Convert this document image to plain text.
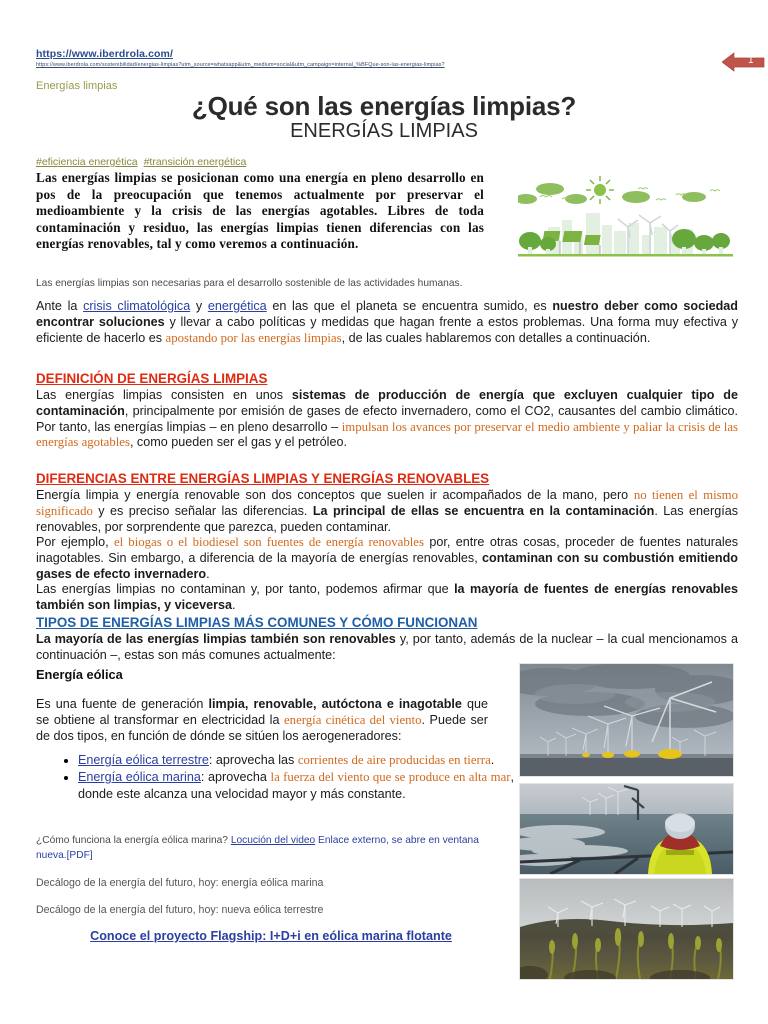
https://www.iberdrola.com/
https://www.iberdrola.com/sostenibilidad/energias-limpias?utm_source=whatsapp&utm_medium=social&utm_campaign=internal_%BFQue-son-las-energias-limpias?	1
Energías limpias
¿Qué son las energías limpias?
ENERGÍAS LIMPIAS
#eficiencia energética #transición energética
Las energías limpias se posicionan como una energía en pleno desarrollo en pos de la preocupación que tenemos actualmente por preservar el medioambiente y la crisis de las energías agotables. Libres de toda contaminación y residuo, las energías limpias tienen diferencias con las energías renovables, tal y como veremos a continuación.
Las energías limpias son necesarias para el desarrollo sostenible de las actividades humanas.
Ante la crisis climatológica y energética en las que el planeta se encuentra sumido, es nuestro deber como sociedad encontrar soluciones y llevar a cabo políticas y medidas que hagan frente a estos problemas. Una forma muy efectiva y eficiente de hacerlo es apostando por las energías limpias, de las cuales hablaremos con detalles a continuación.
DEFINICIÓN DE ENERGÍAS LIMPIAS
Las energías limpias consisten en unos sistemas de producción de energía que excluyen cualquier tipo de contaminación, principalmente por emisión de gases de efecto invernadero, como el CO2, causantes del cambio climático. Por tanto, las energías limpias – en pleno desarrollo – impulsan los avances por preservar el medio ambiente y paliar la crisis de las energías agotables, como pueden ser el gas y el petróleo.
DIFERENCIAS ENTRE ENERGÍAS LIMPIAS Y ENERGÍAS RENOVABLES
Energía limpia y energía renovable son dos conceptos que suelen ir acompañados de la mano, pero no tienen el mismo significado y es preciso señalar las diferencias. La principal de ellas se encuentra en la contaminación. Las energías renovables, por sorprendente que parezca, pueden contaminar.
Por ejemplo, el biogas o el biodiesel son fuentes de energía renovables por, entre otras cosas, proceder de fuentes naturales inagotables. Sin embargo, a diferencia de la mayoría de energías renovables, contaminan con su combustión emitiendo gases de efecto invernadero.
Las energías limpias no contaminan y, por tanto, podemos afirmar que la mayoría de fuentes de energías renovables también son limpias, y viceversa.
TIPOS DE ENERGÍAS LIMPIAS MÁS COMUNES Y CÓMO FUNCIONAN
La mayoría de las energías limpias también son renovables y, por tanto, además de la nuclear – la cual mencionamos a continuación –, estas son más comunes actualmente:
Energía eólica
Es una fuente de generación limpia, renovable, autóctona e inagotable que se obtiene al transformar en electricidad la energía cinética del viento. Puede ser de dos tipos, en función de dónde se sitúen los aerogeneradores:
• Energía eólica terrestre: aprovecha las corrientes de aire producidas en tierra.
• Energía eólica marina: aprovecha la fuerza del viento que se produce en alta mar, donde este alcanza una velocidad mayor y más constante.
¿Cómo funciona la energía eólica marina? Locución del video Enlace externo, se abre en ventana nueva.[PDF]
Decálogo de la energía del futuro, hoy: energía eólica marina
Decálogo de la energía del futuro, hoy: nueva eólica terrestre
Conoce el proyecto Flagship: I+D+i en eólica marina flotante
